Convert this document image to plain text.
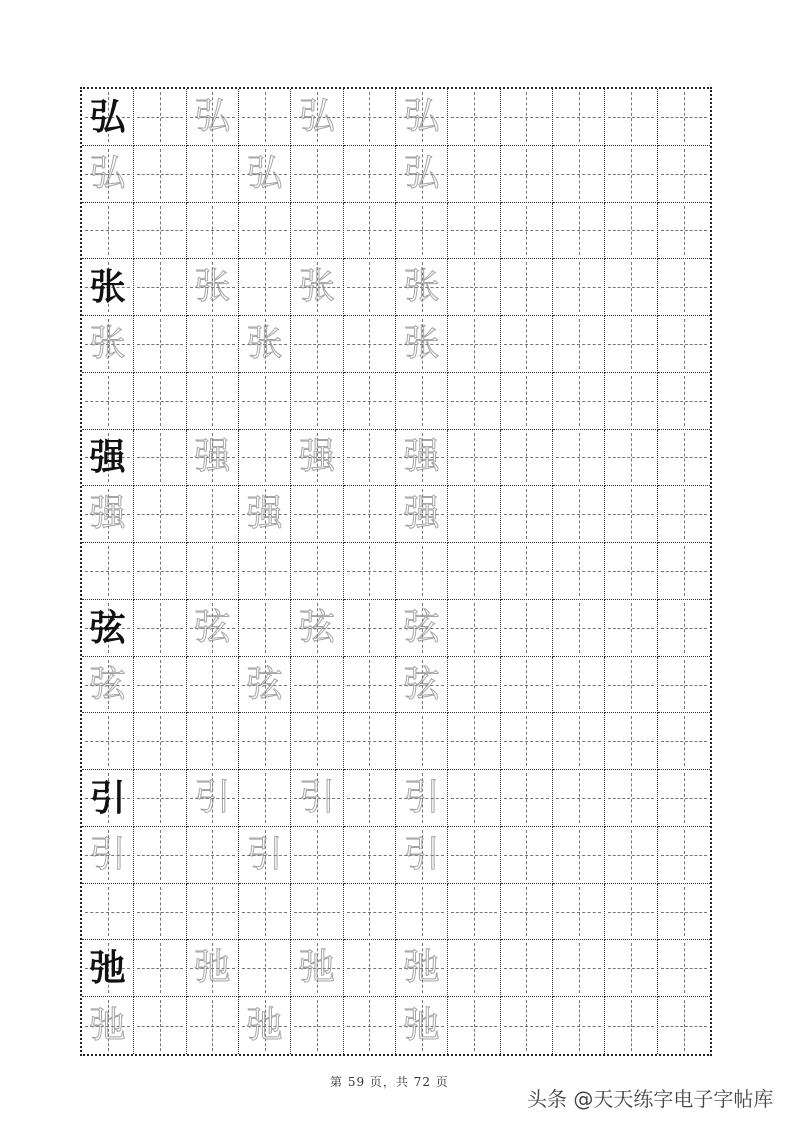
弘 弘 弘 弘
弘	弘	弘
张 张 张 张
张	张	张
强 强 强 强
强	强	强
弦 弦 弦 弦
弦	弦	弦
引 引 引 引
引	引	引
弛 弛 弛 弛
弛	弛	弛
第 59 页，共 72 页
头条 @天天练字电子字帖库
